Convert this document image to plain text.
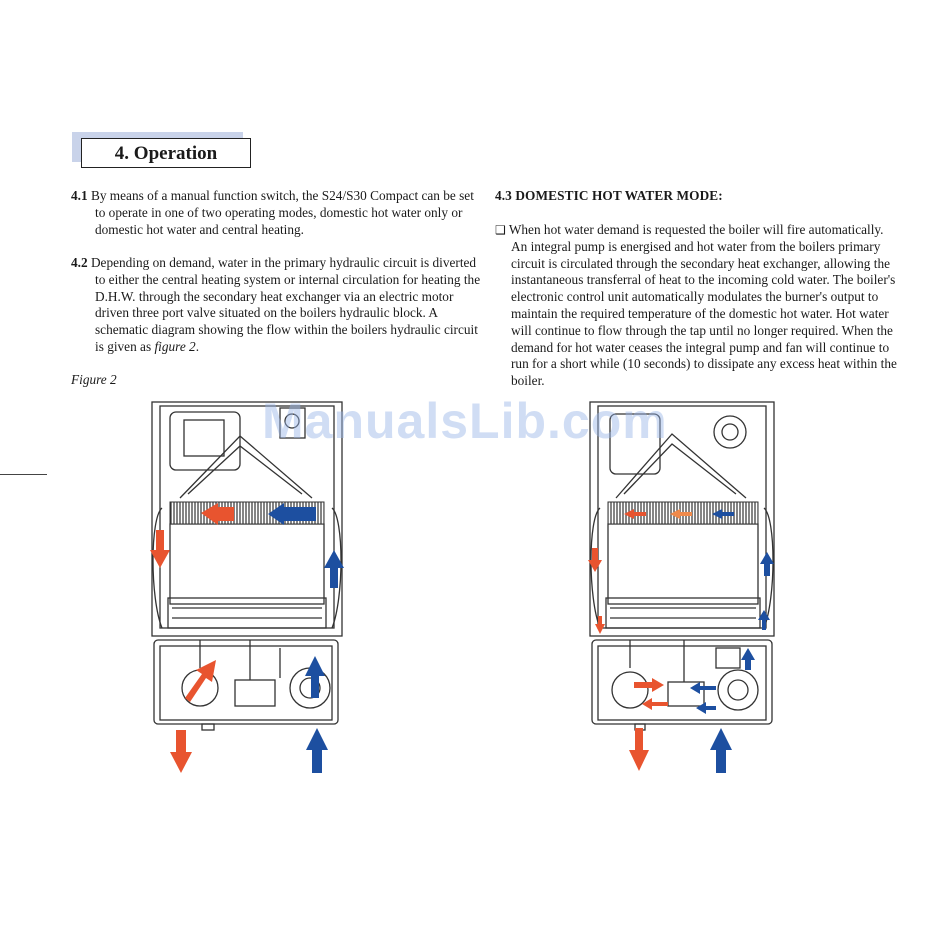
4. Operation
4.1 By means of a manual function switch, the S24/S30 Compact can be set to operate in one of two operating modes, domestic hot water only or domestic hot water and central heating.
4.2 Depending on demand, water in the primary hydraulic circuit is diverted to either the central heating system or internal circulation for heating the D.H.W. through the secondary heat exchanger via an electric motor driven three port valve situated on the boilers hydraulic block. A schematic diagram showing the flow within the boilers hydraulic circuit is given as figure 2.
Figure 2
4.3 DOMESTIC HOT WATER MODE:
❑ When hot water demand is requested the boiler will fire automatically. An integral pump is energised and hot water from the boilers primary circuit is circulated through the secondary heat exchanger, allowing the instantaneous transferral of heat to the incoming cold water. The boiler's electronic control unit automatically modulates the burner's output to maintain the required temperature of the domestic hot water. Hot water will continue to flow through the tap until no longer required. When the demand for hot water ceases the integral pump and fan will continue to run for a short while (10 seconds) to dissipate any excess heat within the boiler.
ManualsLib.com
